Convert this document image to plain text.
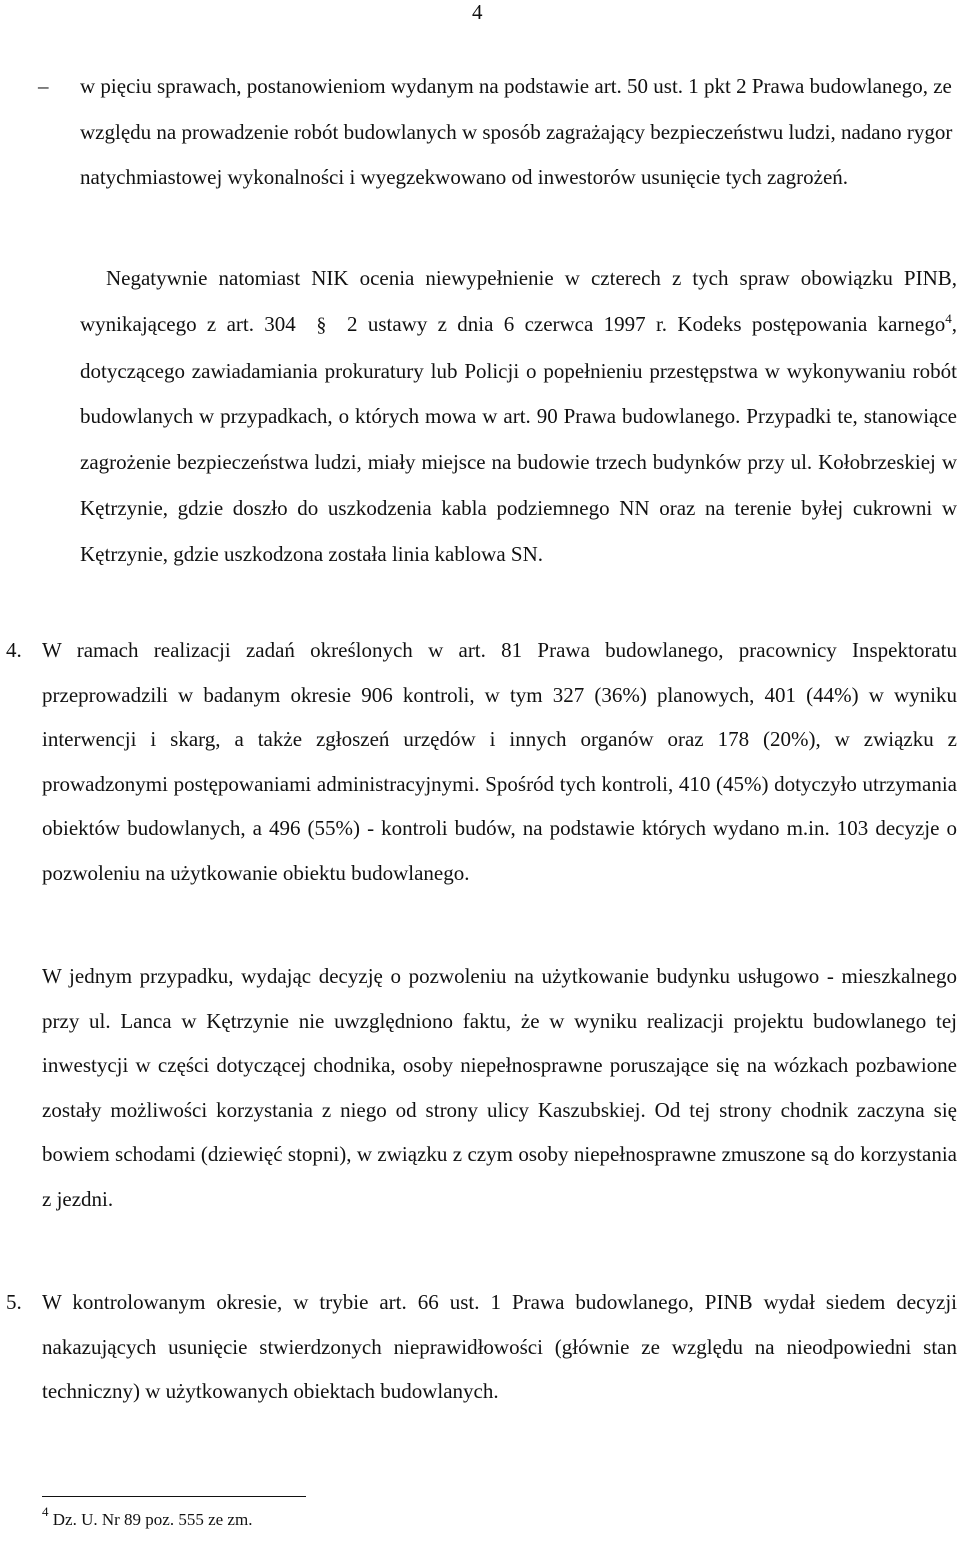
4
– w pięciu sprawach, postanowieniom wydanym na podstawie art. 50 ust. 1 pkt 2 Prawa budowlanego, ze względu na prowadzenie robót budowlanych w sposób zagrażający bezpieczeństwu ludzi, nadano rygor natychmiastowej wykonalności i wyegzekwowano od inwestorów usunięcie tych zagrożeń.
Negatywnie natomiast NIK ocenia niewypełnienie w czterech z tych spraw obowiązku PINB, wynikającego z art. 304 § 2 ustawy z dnia 6 czerwca 1997 r. Kodeks postępowania karnego$^4$, dotyczącego zawiadamiania prokuratury lub Policji o popełnieniu przestępstwa w wykonywaniu robót budowlanych w przypadkach, o których mowa w art. 90 Prawa budowlanego. Przypadki te, stanowiące zagrożenie bezpieczeństwa ludzi, miały miejsce na budowie trzech budynków przy ul. Kołobrzeskiej w Kętrzynie, gdzie doszło do uszkodzenia kabla podziemnego NN oraz na terenie byłej cukrowni w Kętrzynie, gdzie uszkodzona została linia kablowa SN.
4. W ramach realizacji zadań określonych w art. 81 Prawa budowlanego, pracownicy Inspektoratu przeprowadzili w badanym okresie 906 kontroli, w tym 327 (36%) planowych, 401 (44%) w wyniku interwencji i skarg, a także zgłoszeń urzędów i innych organów oraz 178 (20%), w związku z prowadzonymi postępowaniami administracyjnymi. Spośród tych kontroli, 410 (45%) dotyczyło utrzymania obiektów budowlanych, a 496 (55%) - kontroli budów, na podstawie których wydano m.in. 103 decyzje o pozwoleniu na użytkowanie obiektu budowlanego.
W jednym przypadku, wydając decyzję o pozwoleniu na użytkowanie budynku usługowo - mieszkalnego przy ul. Lanca w Kętrzynie nie uwzględniono faktu, że w wyniku realizacji projektu budowlanego tej inwestycji w części dotyczącej chodnika, osoby niepełnosprawne poruszające się na wózkach pozbawione zostały możliwości korzystania z niego od strony ulicy Kaszubskiej. Od tej strony chodnik zaczyna się bowiem schodami (dziewięć stopni), w związku z czym osoby niepełnosprawne zmuszone są do korzystania z jezdni.
5. W kontrolowanym okresie, w trybie art. 66 ust. 1 Prawa budowlanego, PINB wydał siedem decyzji nakazujących usunięcie stwierdzonych nieprawidłowości (głównie ze względu na nieodpowiedni stan techniczny) w użytkowanych obiektach budowlanych.
$^4$ Dz. U. Nr 89 poz. 555 ze zm.
